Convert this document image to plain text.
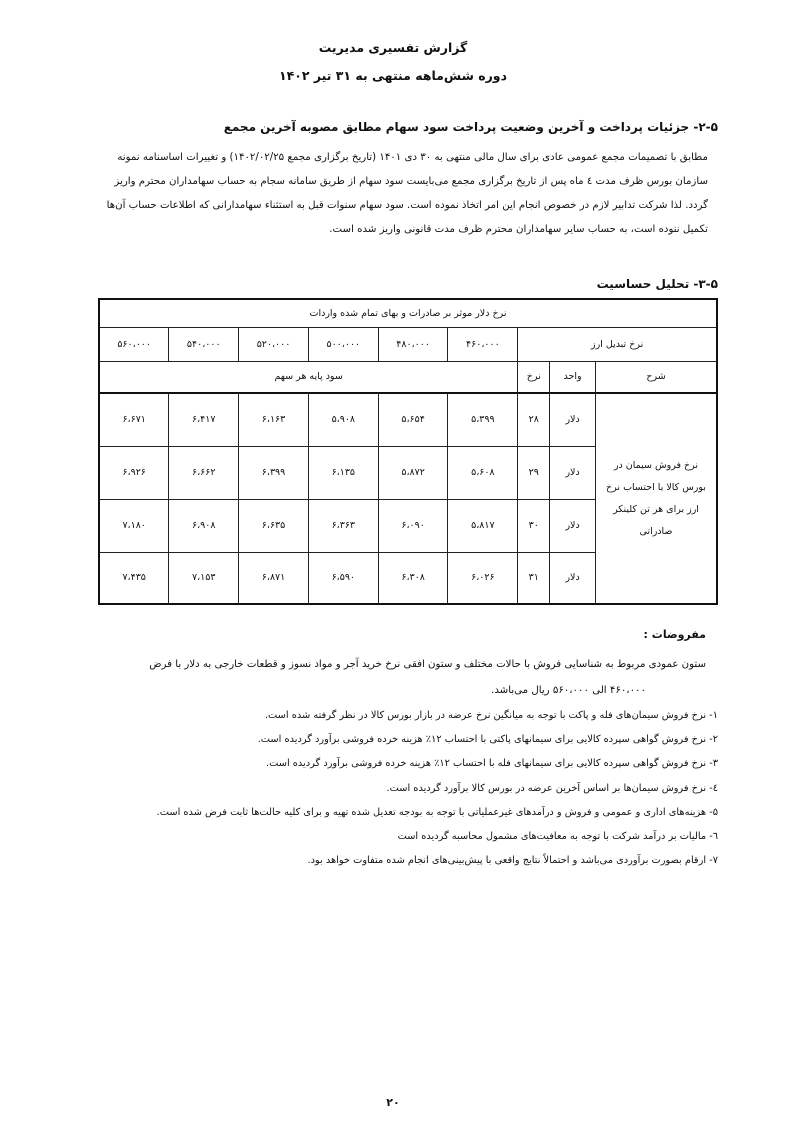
گزارش تفسیری مدیریت
دوره شش‌ماهه منتهی به ۳۱ تیر ۱۴۰۲
۲-۵- جزئیات پرداخت و آخرین وضعیت پرداخت سود سهام مطابق مصوبه آخرین مجمع
مطابق با تصمیمات مجمع عمومی عادی برای سال مالی منتهی به ۳۰ دی ۱۴۰۱ (تاریخ برگزاری مجمع ۱۴۰۲/۰۲/۲۵) و تغییرات اساسنامه نمونه
سازمان بورس ظرف مدت ٤ ماه پس از تاریخ برگزاری مجمع می‌بایست سود سهام از طریق سامانه سجام به حساب سهامداران محترم واریز
گردد. لذا شرکت تدابیر لازم در خصوص انجام این امر اتخاذ نموده است. سود سهام سنوات قبل به استثناء سهامدارانی که اطلاعات حساب آن‌ها
تکمیل ننوده است، به حساب سایر سهامداران محترم ظرف مدت قانونی واریز شده است.
۳-۵- تحلیل حساسیت
نرخ دلار موثر بر صادرات و بهای تمام شده واردات								
نرخ تبدیل ارز			۴۶۰،۰۰۰	۴۸۰،۰۰۰	۵۰۰،۰۰۰	۵۲۰،۰۰۰	۵۴۰،۰۰۰	۵۶۰،۰۰۰
شرح	واحد	نرخ	سود پایه هر سهم					
نرخ فروش سیمان در بورس کالا با احتساب نرخ ارز برای هر تن کلینکر صادراتی	دلار	۲۸	۵،۳۹۹	۵،۶۵۴	۵،۹۰۸	۶،۱۶۳	۶،۴۱۷	۶،۶۷۱
	دلار	۲۹	۵،۶۰۸	۵،۸۷۲	۶،۱۳۵	۶،۳۹۹	۶،۶۶۲	۶،۹۲۶
	دلار	۳۰	۵،۸۱۷	۶،۰۹۰	۶،۳۶۳	۶،۶۳۵	۶،۹۰۸	۷،۱۸۰
	دلار	۳۱	۶،۰۲۶	۶،۳۰۸	۶،۵۹۰	۶،۸۷۱	۷،۱۵۳	۷،۴۳۵
مفروضات :
ستون عمودی مربوط به شناسایی فروش با حالات مختلف و ستون افقی نرخ خرید آجر و مواد نسوز و قطعات خارجی به دلار با فرض
۴۶۰،۰۰۰ الی ۵۶۰،۰۰۰ ریال می‌باشد.
۱- نرخ فروش سیمان‌های فله و پاکت با توجه به میانگین نرخ عرضه در بازار بورس کالا در نظر گرفته شده است.
۲- نرخ فروش گواهی سپرده کالایی برای سیمانهای پاکتی با احتساب ۱۲٪ هزینه خرده فروشی برآورد گردیده است.
۳- نرخ فروش گواهی سپرده کالایی برای سیمانهای فله با احتساب ۱۲٪ هزینه خرده فروشی برآورد گردیده است.
٤- نرخ فروش سیمان‌ها بر اساس آخرین عرضه در بورس کالا برآورد گردیده است.
۵- هزینه‌های اداری و عمومی و فروش و درآمدهای غیرعملیاتی با توجه به بودجه تعدیل شده تهیه و برای کلیه حالت‌ها ثابت فرض شده است.
٦- مالیات بر درآمد شرکت با توجه به معافیت‌های مشمول محاسبه گردیده است
۷- ارقام بصورت برآوردی می‌باشد و احتمالاً نتایج واقعی با پیش‌بینی‌های انجام شده متفاوت خواهد بود.
۲۰
